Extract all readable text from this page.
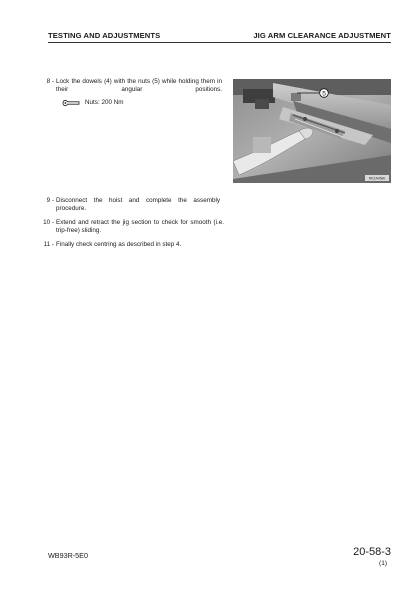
TESTING AND ADJUSTMENTS	JIG ARM CLEARANCE ADJUSTMENT
8 - Lock the dowels (4) with the nuts (5) while holding them in their angular positions.
Nuts: 200 Nm
9 - Disconnect the hoist and complete the assembly procedure.
10 - Extend and retract the jig section to check for smooth (i.e. trip-free) sliding.
11 - Finally check centring as described in step 4.
5
RKZA4580
WB93R-5E0	20-58-3
(1)
